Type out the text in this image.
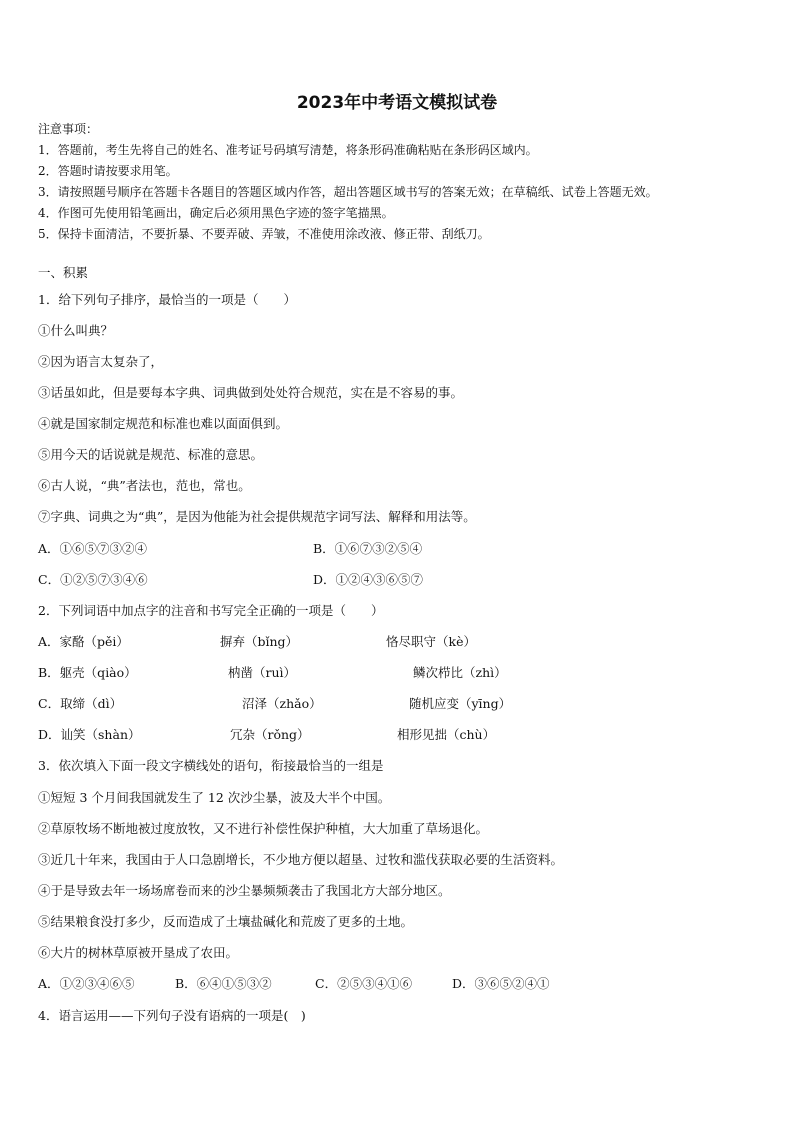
2023年中考语文模拟试卷
注意事项：
1．答题前，考生先将自己的姓名、准考证号码填写清楚，将条形码准确粘贴在条形码区域内。
2．答题时请按要求用笔。
3．请按照题号顺序在答题卡各题目的答题区域内作答，超出答题区域书写的答案无效；在草稿纸、试卷上答题无效。
4．作图可先使用铅笔画出，确定后必须用黑色字迹的签字笔描黑。
5．保持卡面清洁，不要折暴、不要弄破、弄皱，不准使用涂改液、修正带、刮纸刀。
一、积累
1．给下列句子排序，最恰当的一项是（　　）
①什么叫典？
②因为语言太复杂了，
③话虽如此，但是要每本字典、词典做到处处符合规范，实在是不容易的事。
④就是国家制定规范和标准也难以面面俱到。
⑤用今天的话说就是规范、标准的意思。
⑥古人说，“典”者法也，范也，常也。
⑦字典、词典之为“典”，是因为他能为社会提供规范字词写法、解释和用法等。
A．①⑥⑤⑦③②④	B．①⑥⑦③②⑤④
C．①②⑤⑦③④⑥	D．①②④③⑥⑤⑦
2．下列词语中加点字的注音和书写完全正确的一项是（　　）
A．家酪（pěi）	摒弃（bǐng）	恪尽职守（kè）
B．躯壳（qiào）	枘凿（ruì）	鳞次栉比（zhì）
C．取缔（dì）	沼泽（zhǎo）	随机应变（yīng）
D．讪笑（shàn）	冗杂（rǒng）	相形见拙（chù）
3．依次填入下面一段文字横线处的语句，衔接最恰当的一组是
①短短 3 个月间我国就发生了 12 次沙尘暴，波及大半个中国。
②草原牧场不断地被过度放牧，又不进行补偿性保护种植，大大加重了草场退化。
③近几十年来，我国由于人口急剧增长，不少地方便以超垦、过牧和滥伐获取必要的生活资料。
④于是导致去年一场场席卷而来的沙尘暴频频袭击了我国北方大部分地区。
⑤结果粮食没打多少，反而造成了土壤盐碱化和荒废了更多的土地。
⑥大片的树林草原被开垦成了农田。
A．①②③④⑥⑤	B．⑥④①⑤③②	C．②⑤③④①⑥	D．③⑥⑤②④①
4．语言运用——下列句子没有语病的一项是(　)
